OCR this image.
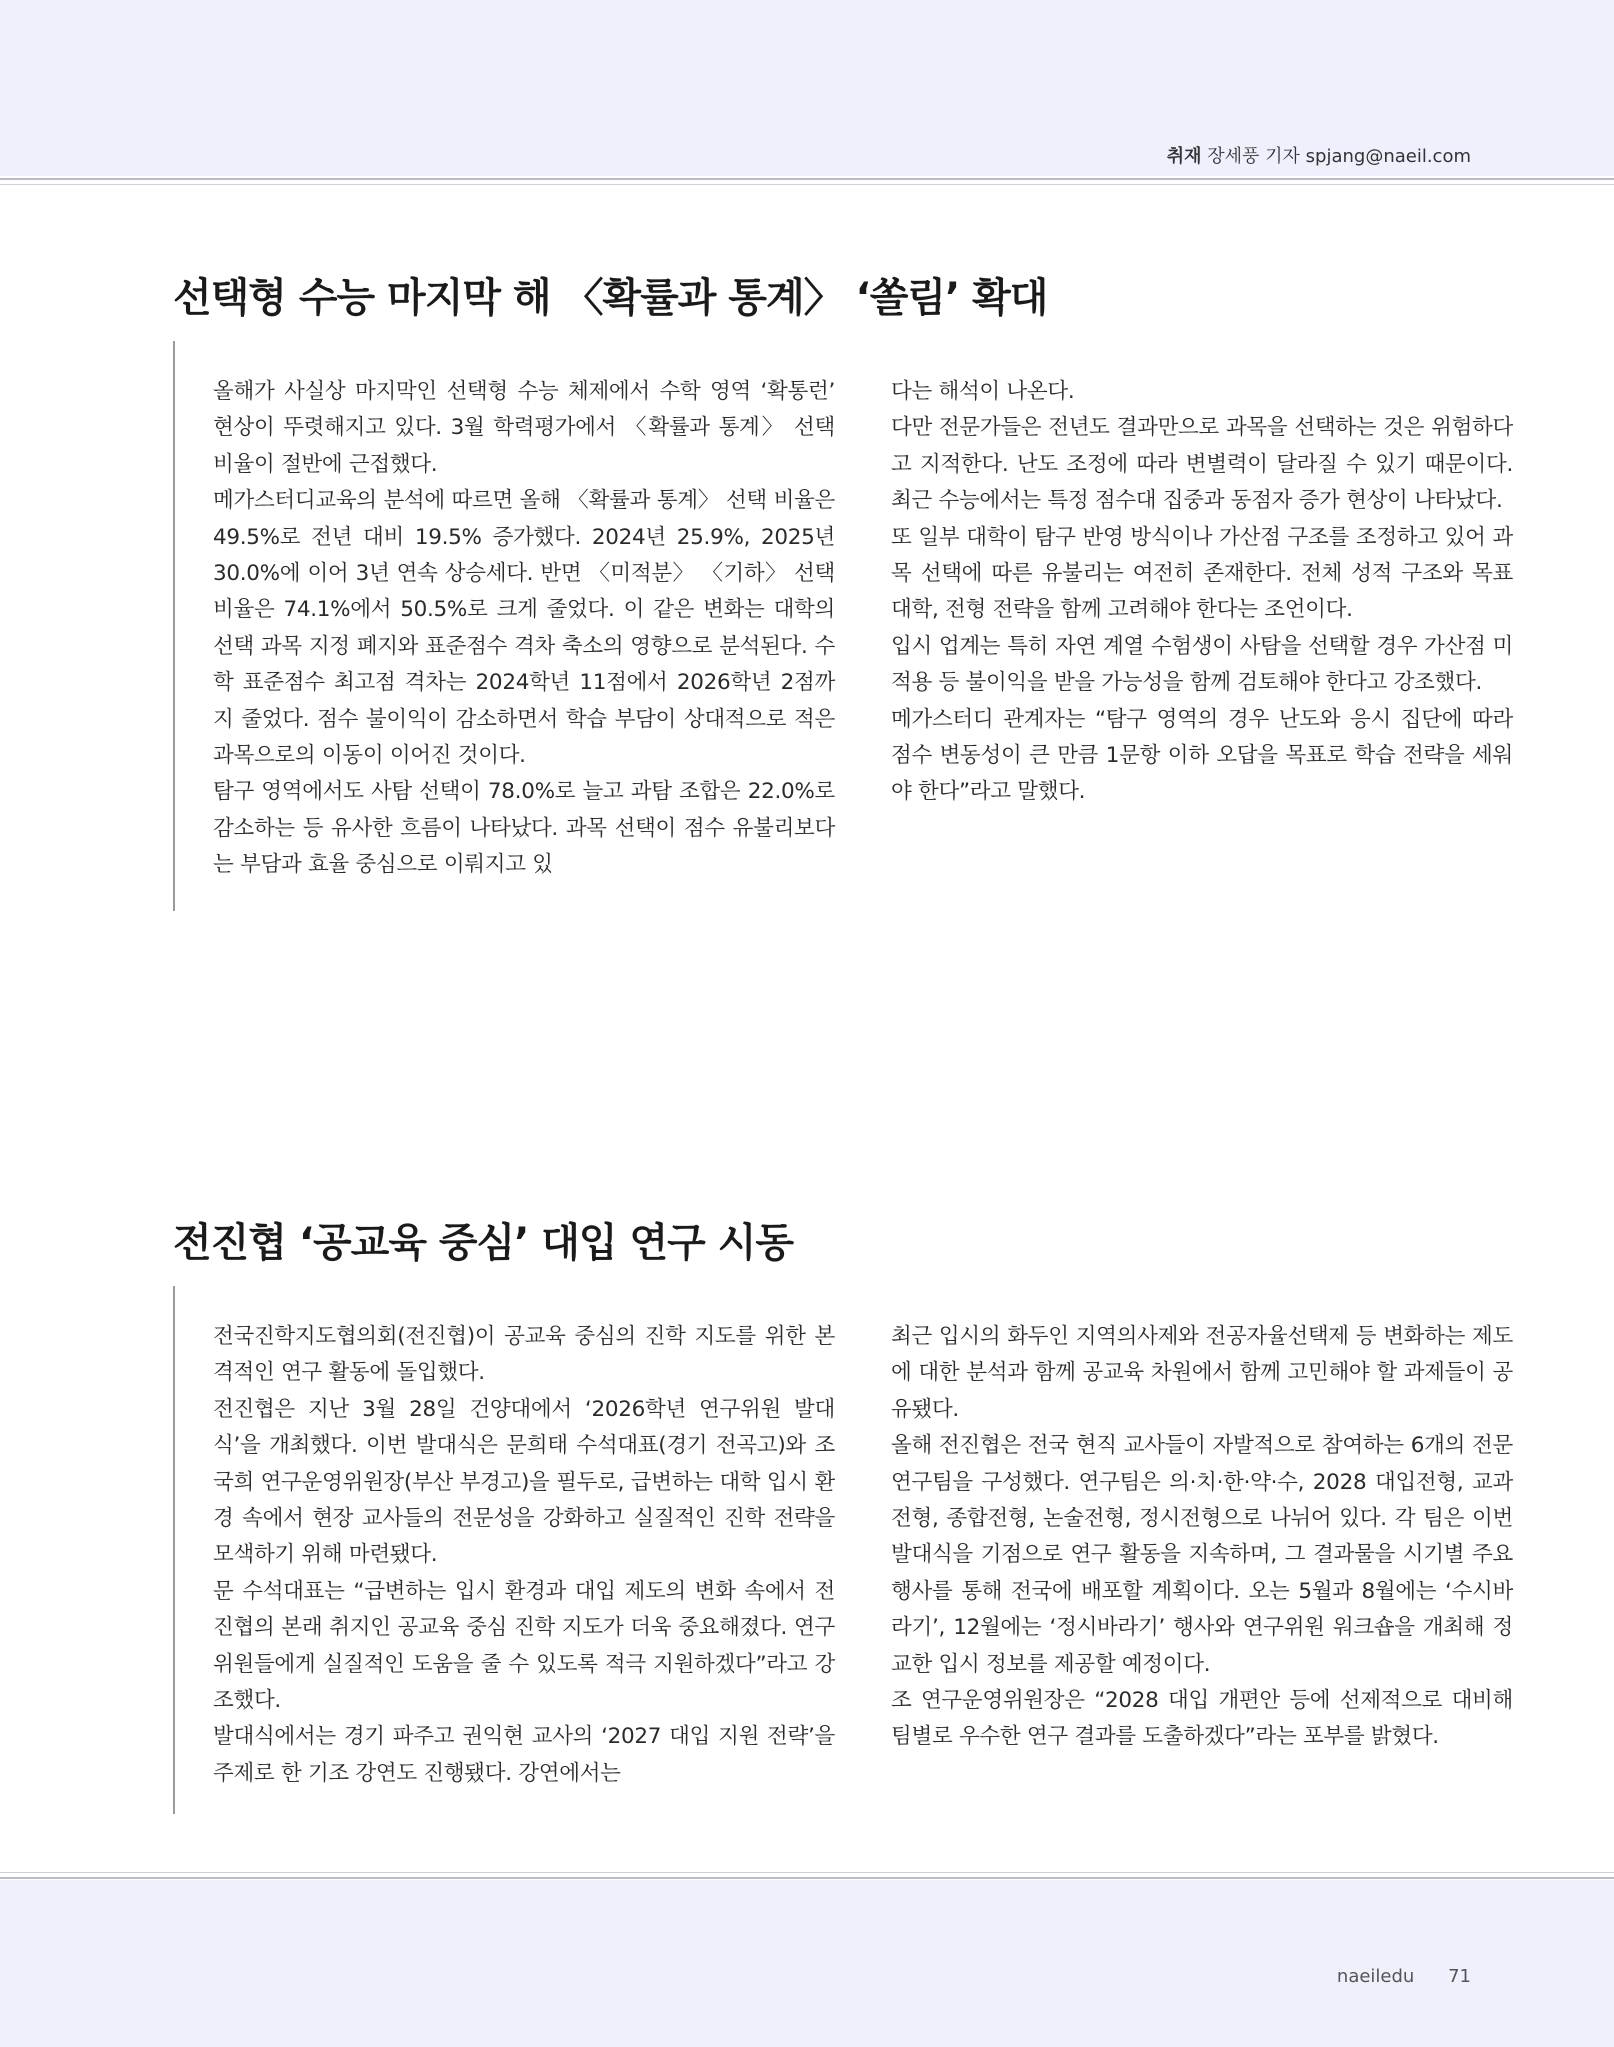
취재 장세풍 기자 spjang@naeil.com
선택형 수능 마지막 해 〈확률과 통계〉 ‘쏠림’ 확대

올해가 사실상 마지막인 선택형 수능 체제에서 수학 영역 ‘확통런’ 현상이 뚜렷해지고 있다. 3월 학력평가에서 〈확률과 통계〉 선택 비율이 절반에 근접했다.

메가스터디교육의 분석에 따르면 올해 〈확률과 통계〉 선택 비율은 49.5%로 전년 대비 19.5% 증가했다. 2024년 25.9%, 2025년 30.0%에 이어 3년 연속 상승세다. 반면 〈미적분〉 〈기하〉 선택 비율은 74.1%에서 50.5%로 크게 줄었다. 이 같은 변화는 대학의 선택 과목 지정 폐지와 표준점수 격차 축소의 영향으로 분석된다. 수학 표준점수 최고점 격차는 2024학년 11점에서 2026학년 2점까지 줄었다. 점수 불이익이 감소하면서 학습 부담이 상대적으로 적은 과목으로의 이동이 이어진 것이다.

탐구 영역에서도 사탐 선택이 78.0%로 늘고 과탐 조합은 22.0%로 감소하는 등 유사한 흐름이 나타났다. 과목 선택이 점수 유불리보다는 부담과 효율 중심으로 이뤄지고 있

다는 해석이 나온다.

다만 전문가들은 전년도 결과만으로 과목을 선택하는 것은 위험하다고 지적한다. 난도 조정에 따라 변별력이 달라질 수 있기 때문이다. 최근 수능에서는 특정 점수대 집중과 동점자 증가 현상이 나타났다.

또 일부 대학이 탐구 반영 방식이나 가산점 구조를 조정하고 있어 과목 선택에 따른 유불리는 여전히 존재한다. 전체 성적 구조와 목표 대학, 전형 전략을 함께 고려해야 한다는 조언이다.

입시 업계는 특히 자연 계열 수험생이 사탐을 선택할 경우 가산점 미적용 등 불이익을 받을 가능성을 함께 검토해야 한다고 강조했다.

메가스터디 관계자는 “탐구 영역의 경우 난도와 응시 집단에 따라 점수 변동성이 큰 만큼 1문항 이하 오답을 목표로 학습 전략을 세워야 한다”라고 말했다.

전진협 ‘공교육 중심’ 대입 연구 시동

전국진학지도협의회(전진협)이 공교육 중심의 진학 지도를 위한 본격적인 연구 활동에 돌입했다.

전진협은 지난 3월 28일 건양대에서 ‘2026학년 연구위원 발대식’을 개최했다. 이번 발대식은 문희태 수석대표(경기 전곡고)와 조국희 연구운영위원장(부산 부경고)을 필두로, 급변하는 대학 입시 환경 속에서 현장 교사들의 전문성을 강화하고 실질적인 진학 전략을 모색하기 위해 마련됐다.

문 수석대표는 “급변하는 입시 환경과 대입 제도의 변화 속에서 전진협의 본래 취지인 공교육 중심 진학 지도가 더욱 중요해졌다. 연구위원들에게 실질적인 도움을 줄 수 있도록 적극 지원하겠다”라고 강조했다.

발대식에서는 경기 파주고 권익현 교사의 ‘2027 대입 지원 전략’을 주제로 한 기조 강연도 진행됐다. 강연에서는

최근 입시의 화두인 지역의사제와 전공자율선택제 등 변화하는 제도에 대한 분석과 함께 공교육 차원에서 함께 고민해야 할 과제들이 공유됐다.

올해 전진협은 전국 현직 교사들이 자발적으로 참여하는 6개의 전문 연구팀을 구성했다. 연구팀은 의·치·한·약·수, 2028 대입전형, 교과전형, 종합전형, 논술전형, 정시전형으로 나뉘어 있다. 각 팀은 이번 발대식을 기점으로 연구 활동을 지속하며, 그 결과물을 시기별 주요 행사를 통해 전국에 배포할 계획이다. 오는 5월과 8월에는 ‘수시바라기’, 12월에는 ‘정시바라기’ 행사와 연구위원 워크숍을 개최해 정교한 입시 정보를 제공할 예정이다.

조 연구운영위원장은 “2028 대입 개편안 등에 선제적으로 대비해 팀별로 우수한 연구 결과를 도출하겠다”라는 포부를 밝혔다.

naeiledu 71
